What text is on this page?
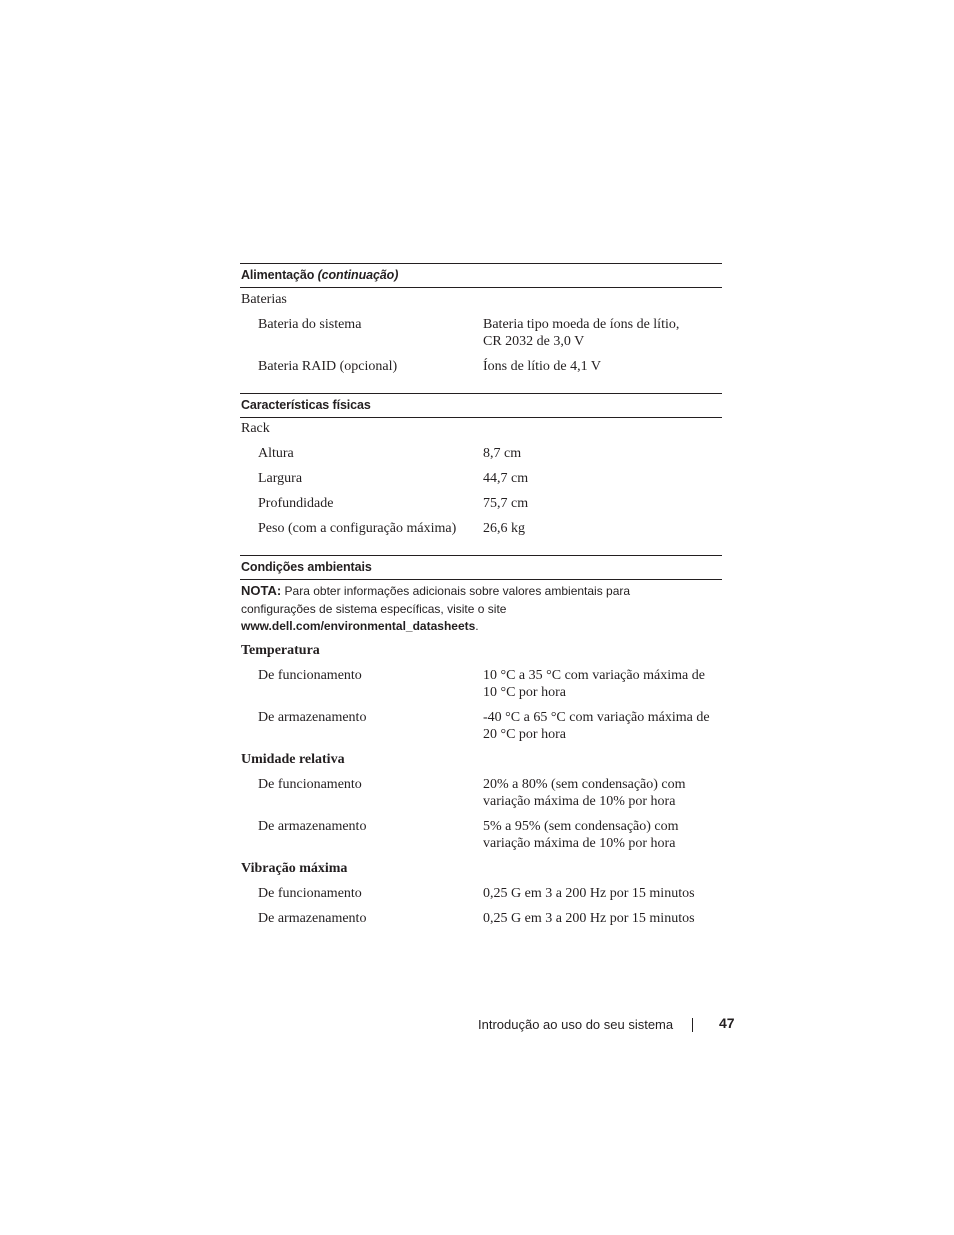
Alimentação (continuação)
Baterias
Bateria do sistema	Bateria tipo moeda de íons de lítio,
CR 2032 de 3,0 V
Bateria RAID (opcional)	Íons de lítio de 4,1 V
Características físicas
Rack
Altura	8,7 cm
Largura	44,7 cm
Profundidade	75,7 cm
Peso (com a configuração máxima) 26,6 kg
Condições ambientais
NOTA: Para obter informações adicionais sobre valores ambientais para
configurações de sistema específicas, visite o site
www.dell.com/environmental_datasheets.
Temperatura
De funcionamento	10 °C a 35 °C com variação máxima de
10 °C por hora
De armazenamento	-40 °C a 65 °C com variação máxima de
20 °C por hora
Umidade relativa
De funcionamento	20% a 80% (sem condensação) com
variação máxima de 10% por hora
De armazenamento	5% a 95% (sem condensação) com
variação máxima de 10% por hora
Vibração máxima
De funcionamento	0,25 G em 3 a 200 Hz por 15 minutos
De armazenamento	0,25 G em 3 a 200 Hz por 15 minutos
Introdução ao uso do seu sistema	47
